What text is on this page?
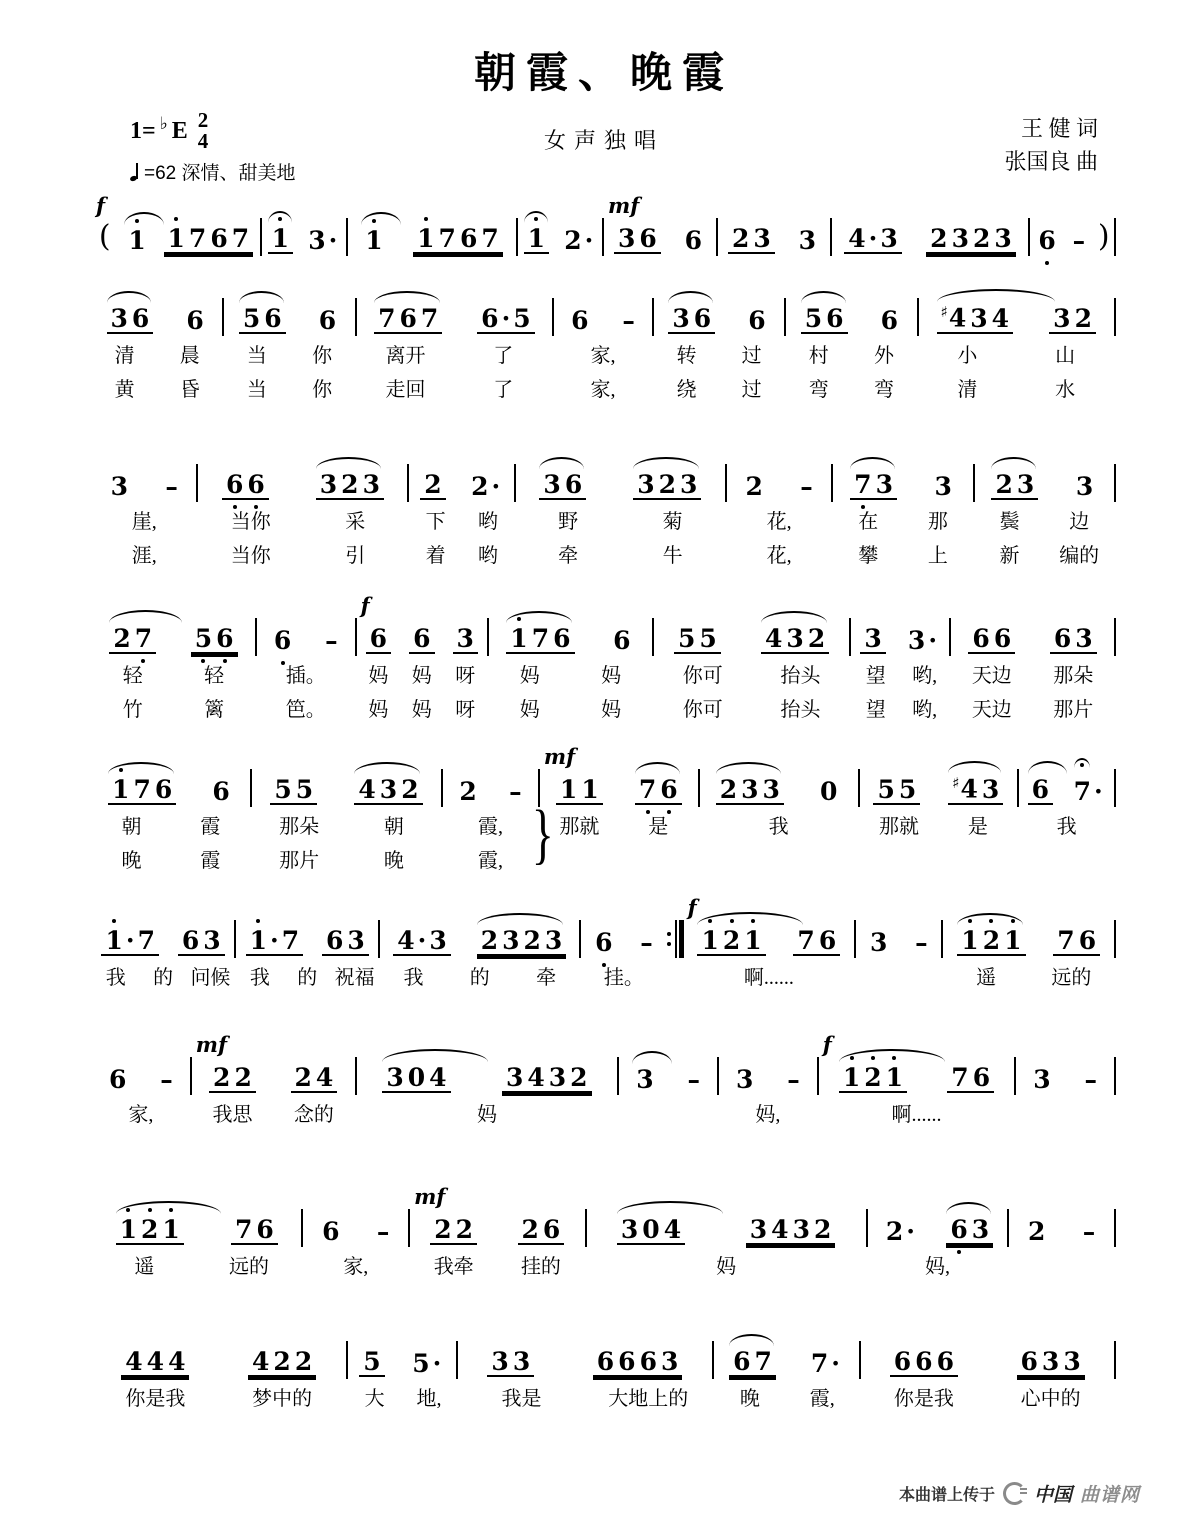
朝霞、晚霞
1= ♭ E 2
4
=62 深情、甜美地
女声独唱	王 健 词
张国良 曲
f
( 1 1 7 6 7 1 3 · 1 1 7 6 7 1 2 ·
mf
3 6 6 2 3 3 4 · 3 2 3 2 3 6 – )
3 6 6
清	晨
黄	昏
5 6 6
当	你
当	你
7 6 7 6 · 5
离开	了
走回	了
6 –
家,
家,
3 6 6
转	过
绕	过
5 6 6
村	外
弯	弯
♯4 3 4 3 2
小	山
清	水
3 –
崖,
涯,
6 6 3 2 3
当你	采
当你	引
2 2 ·
下	哟
着	哟
3 6 3 2 3
野	菊
牵	牛
2 –
花,
花,
7 3 3
在	那
攀	上
2 3 3
鬓	边
新	编的
2 7 5 6
轻	轻
竹	篱
6 –
插。
笆。
f
6 6 3
妈	妈	呀
妈	妈	呀
1 7 6 6
妈	妈
妈	妈
5 5 4 3 2
你可	抬头
你可	抬头
3 3 ·
望	哟,
望	哟,
6 6 6 3
天边	那朵
天边	那片
1 7 6 6
朝	霞
晚	霞
5 5 4 3 2
那朵	朝
那片	晚
2 –
霞,
霞, }
mf
1 1 7 6
那就	是

2 3 3 0
我

5 5 ♯4 3
那就	是

6 7 ·
我

1 · 7 6 3
我	的 问候
1 · 7 6 3
我	的 祝福
4 · 3 2 3 2 3
我	的	牵
6 –
挂。
f
1 2 1 7 6
啊......
3 –
1 2 1 7 6
遥	远的
6 –
家,
mf
2 2 2 4
我思	念的
3 0 4 3 4 3 2
妈
3 –
3 –
妈,
f
1 2 1 7 6
啊......
3 –

1 2 1 7 6
遥	远的
6 –
家,
mf
2 2 2 6
我牵	挂的
3 0 4	3 4 3 2
妈
2 · 6 3
妈,
2 –

4 4 4	4 2 2
你是我	梦中的
5 5 ·
大	地,
3 3	6 6 6 3
我是	大地上的
6 7 7 ·
晚	霞,
6 6 6	6 3 3
你是我	心中的
本曲谱上传于 中国 曲谱网
